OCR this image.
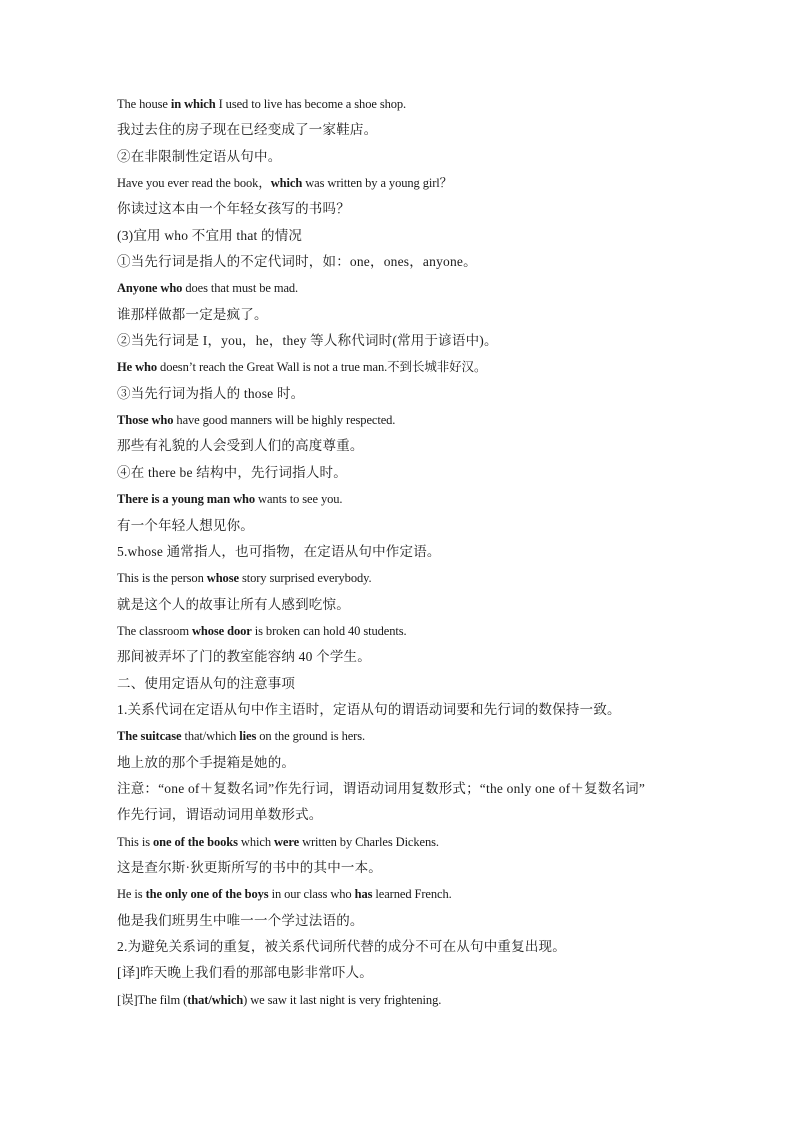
The house in which I used to live has become a shoe shop.
我过去住的房子现在已经变成了一家鞋店。
②在非限制性定语从句中。
Have you ever read the book，which was written by a young girl？
你读过这本由一个年轻女孩写的书吗？
(3)宜用 who 不宜用 that 的情况
①当先行词是指人的不定代词时，如：one，ones，anyone。
Anyone who does that must be mad.
谁那样做都一定是疯了。
②当先行词是 I，you，he，they 等人称代词时(常用于谚语中)。
He who doesn’t reach the Great Wall is not a true man.不到长城非好汉。
③当先行词为指人的 those 时。
Those who have good manners will be highly respected.
那些有礼貌的人会受到人们的高度尊重。
④在 there be 结构中，先行词指人时。
There is a young man who wants to see you.
有一个年轻人想见你。
5.whose 通常指人，也可指物，在定语从句中作定语。
This is the person whose story surprised everybody.
就是这个人的故事让所有人感到吃惊。
The classroom whose door is broken can hold 40 students.
那间被弄坏了门的教室能容纳 40 个学生。
二、使用定语从句的注意事项
1.关系代词在定语从句中作主语时，定语从句的谓语动词要和先行词的数保持一致。
The suitcase that/which lies on the ground is hers.
地上放的那个手提箱是她的。
注意：“one of＋复数名词”作先行词，谓语动词用复数形式；“the only one of＋复数名词”
作先行词，谓语动词用单数形式。
This is one of the books which were written by Charles Dickens.
这是查尔斯·狄更斯所写的书中的其中一本。
He is the only one of the boys in our class who has learned French.
他是我们班男生中唯一一个学过法语的。
2.为避免关系词的重复，被关系代词所代替的成分不可在从句中重复出现。
[译]昨天晚上我们看的那部电影非常吓人。
[误]The film (that/which) we saw it last night is very frightening.
